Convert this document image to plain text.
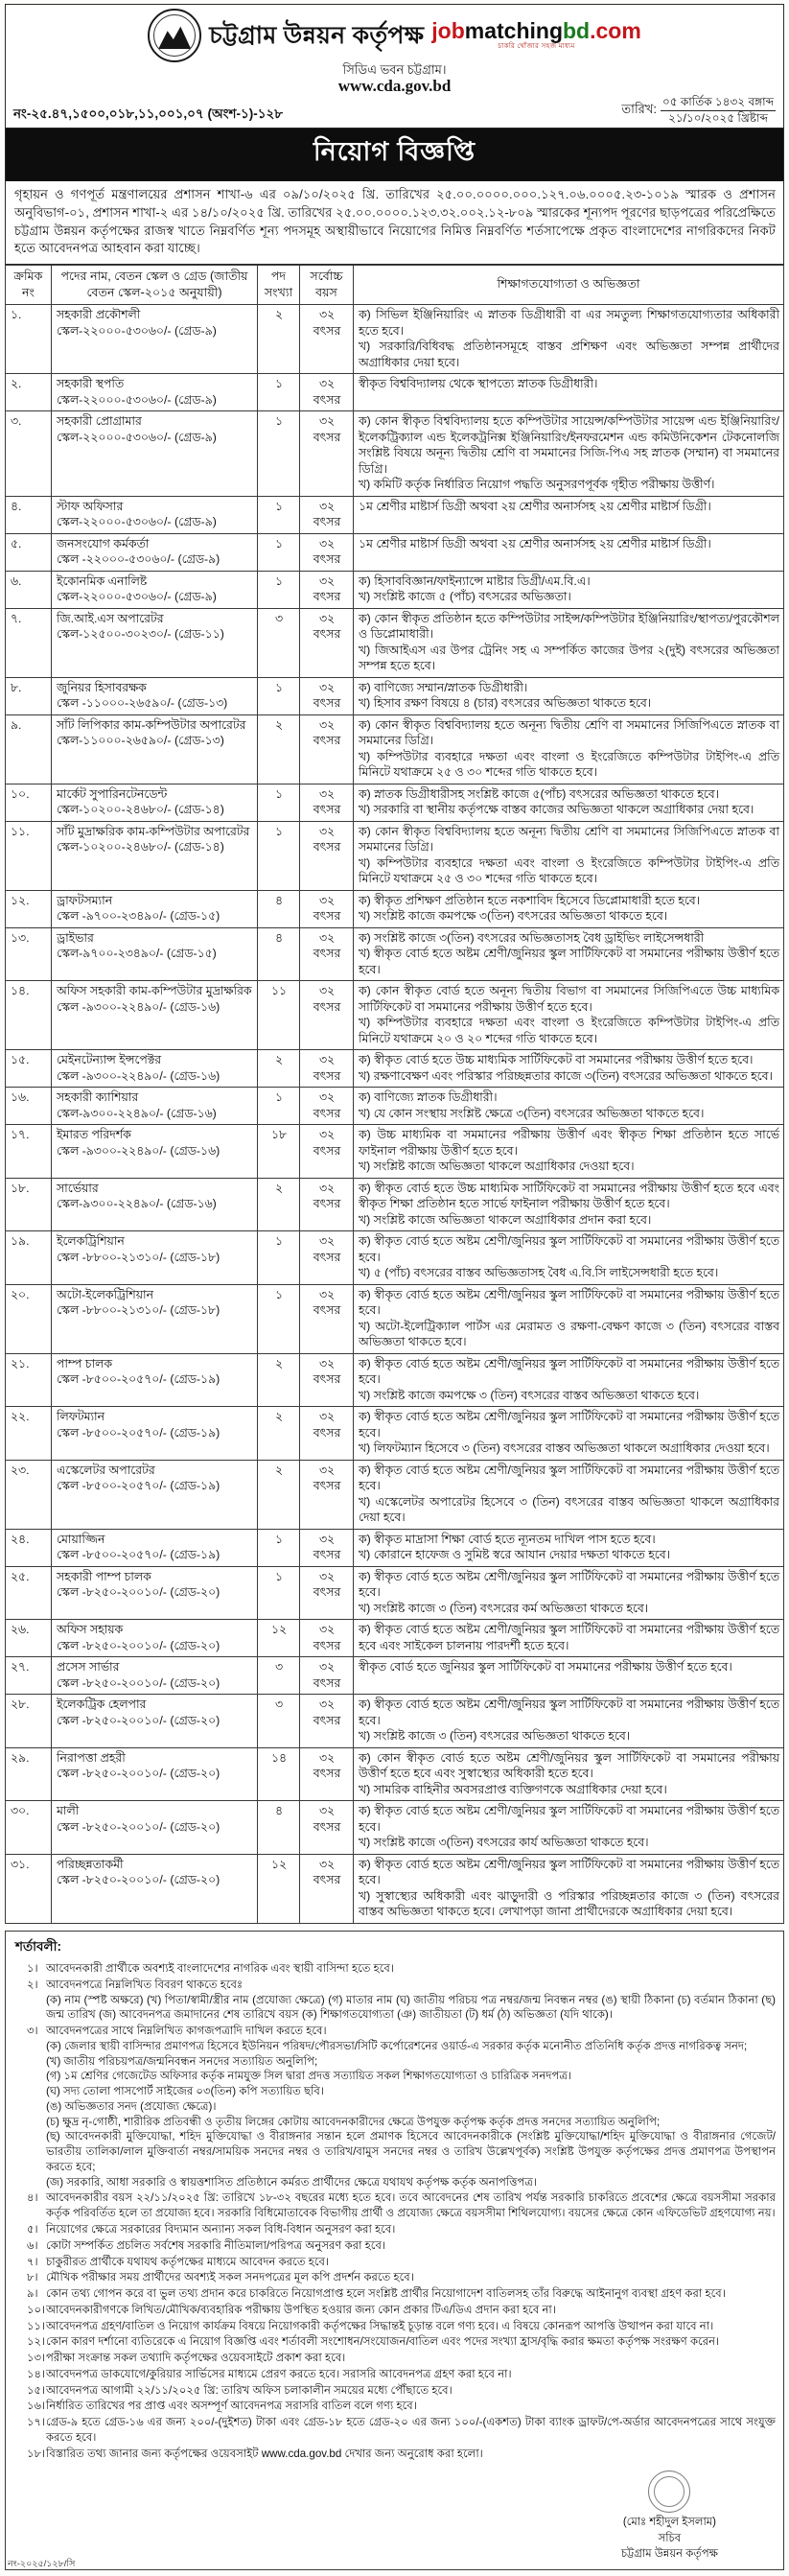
চট্টগ্রাম উন্নয়ন কর্তৃপক্ষ jobmatchingbd.com
চাকরি খোঁজার সহজ মাধ্যম
সিডিএ ভবন চট্টগ্রাম।
www.cda.gov.bd
নং-২৫.৪৭,১৫০০,০১৮,১১,০০১,০৭ (অংশ-১)-১২৮	তারিখ: ০৫ কার্তিক ১৪৩২ বঙ্গাব্দ
২১/১০/২০২৫ খ্রিষ্টাব্দ
নিয়োগ বিজ্ঞপ্তি
গৃহায়ন ও গণপূর্ত মন্ত্রণালয়ের প্রশাসন শাখা-৬ এর ০৯/১০/২০২৫ খ্রি. তারিখের ২৫.০০.০০০০.০০০.১২৭.০৬.০০০৫.২৩-১০১৯ স্মারক ও প্রশাসন অনুবিভাগ-০১, প্রশাসন শাখা-২ এর ১৪/১০/২০২৫ খ্রি. তারিখের ২৫.০০.০০০০.১২৩.৩২.০০২.১২-৮০৯ স্মারকের শূন্যপদ পূরণের ছাড়পত্রের পরিপ্রেক্ষিতে চট্টগ্রাম উন্নয়ন কর্তৃপক্ষের রাজস্ব খাতে নিম্নবর্ণিত শূন্য পদসমূহ অস্থায়ীভাবে নিয়োগের নিমিত্ত নিম্নবর্ণিত শর্তসাপেক্ষে প্রকৃত বাংলাদেশের নাগরিকদের নিকট হতে আবেদনপত্র আহবান করা যাচ্ছে।
ক্রমিক নং	পদের নাম, বেতন স্কেল ও গ্রেড (জাতীয় বেতন স্কেল-২০১৫ অনুযায়ী)	পদ সংখ্যা	সর্বোচ্চ বয়স	শিক্ষাগতযোগ্যতা ও অভিজ্ঞতা
১.	সহকারী প্রকৌশলী
স্কেল-২২০০০-৫৩০৬০/- (গ্রেড-৯)	২	৩২
বৎসর	ক) সিভিল ইঞ্জিনিয়ারিং এ স্নাতক ডিগ্রীধারী বা এর সমতুল্য শিক্ষাগতযোগ্যতার অধিকারী হতে হবে।
খ) সরকারি/বিধিবদ্ধ প্রতিষ্ঠানসমূহে বাস্তব প্রশিক্ষণ এবং অভিজ্ঞতা সম্পন্ন প্রার্থীদের অগ্রাধিকার দেয়া হবে।

২.	সহকারী স্থপতি
স্কেল-২২০০০-৫৩০৬০/- (গ্রেড-৯)	১	৩২
বৎসর	স্বীকৃত বিশ্ববিদ্যালয় থেকে স্থাপত্যে স্নাতক ডিগ্রীধারী।

৩.	সহকারী প্রোগ্রামার
স্কেল-২২০০০-৫৩০৬০/- (গ্রেড-৯)	১	৩২
বৎসর	ক) কোন স্বীকৃত বিশ্ববিদ্যালয় হতে কম্পিউটার সায়েন্স/কম্পিউটার সায়েন্স এন্ড ইঞ্জিনিয়ারিং/ইলেকট্রিক্যাল এন্ড ইলেকট্রনিক্স ইঞ্জিনিয়ারিং/ইনফরমেশন এন্ড কমিউনিকেশন টেকনোলজি সংশ্লিষ্ট বিষয়ে অনূন্য দ্বিতীয় শ্রেণি বা সমমানের সিজি-পিএ সহ স্নাতক (সম্মান) বা সমমানের ডিগ্রি।
খ) কমিটি কর্তৃক নির্ধারিত নিয়োগ পদ্ধতি অনুসরণপূর্বক গৃহীত পরীক্ষায় উত্তীর্ণ।

৪.	স্টাফ অফিসার
স্কেল-২২০০০-৫৩০৬০/- (গ্রেড-৯)	১	৩২
বৎসর	১ম শ্রেণীর মাষ্টার্স ডিগ্রী অথবা ২য় শ্রেণীর অনার্সসহ ২য় শ্রেণীর মাষ্টার্স ডিগ্রী।

৫.	জনসংযোগ কর্মকর্তা
স্কেল -২২০০০-৫৩০৬০/- (গ্রেড-৯)	১	৩২
বৎসর	১ম শ্রেণীর মাষ্টার্স ডিগ্রী অথবা ২য় শ্রেণীর অনার্সসহ ২য় শ্রেণীর মাষ্টার্স ডিগ্রী।

৬.	ইকোনমিক এনালিষ্ট
স্কেল-২২০০০-৫৩০৬০/- (গ্রেড-৯)	১	৩২
বৎসর	ক) হিসাববিজ্ঞান/ফাইন্যান্সে মাষ্টার ডিগ্রী/এম.বি.এ।
খ) সংশ্লিষ্ট কাজে ৫ (পাঁচ) বৎসরের অভিজ্ঞতা।

৭.	জি.আই.এস অপারেটর
স্কেল-১২৫০০-৩০২৩০/- (গ্রেড-১১)	৩	৩২
বৎসর	ক) কোন স্বীকৃত প্রতিষ্ঠান হতে কম্পিউটার সাইন্স/কম্পিউটার ইঞ্জিনিয়ারিং/স্থাপত্য/পুরকৌশল ও ডিপ্লোমাধারী।
খ) জিআইএস এর উপর ট্রেনিং সহ এ সম্পর্কিত কাজের উপর ২(দুই) বৎসরের অভিজ্ঞতা সম্পন্ন হতে হবে।

৮.	জুনিয়র হিসাবরক্ষক
স্কেল -১১০০০-২৬৫৯০/- (গ্রেড-১৩)	১	৩২
বৎসর	ক) বাণিজ্যে সম্মান/স্নাতক ডিগ্রীধারী।
খ) হিসাব রক্ষণ বিষয়ে ৪ (চার) বৎসরের অভিজ্ঞতা থাকতে হবে।

৯.	সাঁট লিপিকার কাম-কম্পিউটার অপারেটর
স্কেল-১১০০০-২৬৫৯০/- (গ্রেড-১৩)	২	৩২
বৎসর	ক) কোন স্বীকৃত বিশ্ববিদ্যালয় হতে অনূন্য দ্বিতীয় শ্রেণি বা সমমানের সিজিপিএতে স্নাতক বা সমমানের ডিগ্রি।
খ) কম্পিউটার ব্যবহারে দক্ষতা এবং বাংলা ও ইংরেজিতে কম্পিউটার টাইপিং-এ প্রতি মিনিটে যথাক্রমে ২৫ ও ৩০ শব্দের গতি থাকতে হবে।

১০.	মার্কেট সুপারিনটেনডেন্ট
স্কেল-১০২০০-২৪৬৮০/- (গ্রেড-১৪)	১	৩২
বৎসর	ক) স্নাতক ডিগ্রীধারীসহ সংশ্লিষ্ট কাজে ৫(পাঁচ) বৎসরের অভিজ্ঞতা থাকতে হবে।
খ) সরকারি বা স্থানীয় কর্তৃপক্ষে বাস্তব কাজের অভিজ্ঞতা থাকলে অগ্রাধিকার দেয়া হবে।

১১.	সাঁট মুদ্রাক্ষরিক কাম-কম্পিউটার অপারেটর
স্কেল-১০২০০-২৪৬৮০/- (গ্রেড-১৪)	১	৩২
বৎসর	ক) কোন স্বীকৃত বিশ্ববিদ্যালয় হতে অনূন্য দ্বিতীয় শ্রেণি বা সমমানের সিজিপিএতে স্নাতক বা সমমানের ডিগ্রি।
খ) কম্পিউটার ব্যবহারে দক্ষতা এবং বাংলা ও ইংরেজিতে কম্পিউটার টাইপিং-এ প্রতি মিনিটে যথাক্রমে ২৫ ও ৩০ শব্দের গতি থাকতে হবে।

১২.	ড্রাফটসম্যান
স্কেল -৯৭০০-২৩৪৯০/- (গ্রেড-১৫)	৪	৩২
বৎসর	ক) স্বীকৃত প্রশিক্ষণ প্রতিষ্ঠান হতে নকশাবিদ হিসেবে ডিপ্লোমাধারী হতে হবে।
খ) সংশ্লিষ্ট কাজে কমপক্ষে ৩(তিন) বৎসরের অভিজ্ঞতা থাকতে হবে।

১৩.	ড্রাইভার
স্কেল-৯৭০০-২৩৪৯০/- (গ্রেড-১৫)	৪	৩২
বৎসর	ক) সংশ্লিষ্ট কাজে ৩(তিন) বৎসরের অভিজ্ঞতাসহ বৈধ ড্রাইভিং লাইসেন্সধারী
খ) স্বীকৃত বোর্ড হতে অষ্টম শ্রেণী/জুনিয়র স্কুল সার্টিফিকেট বা সমমানের পরীক্ষায় উত্তীর্ণ হতে হবে।

১৪.	অফিস সহকারী কাম-কম্পিউটার মুদ্রাক্ষরিক
স্কেল -৯৩০০-২২৪৯০/- (গ্রেড-১৬)	১১	৩২
বৎসর	ক) কোন স্বীকৃত বোর্ড হতে অনূন্য দ্বিতীয় বিভাগ বা সমমানের সিজিপিএতে উচ্চ মাধ্যমিক সার্টিফিকেট বা সমমানের পরীক্ষায় উত্তীর্ণ হতে হবে।
খ) কম্পিউটার ব্যবহারে দক্ষতা এবং বাংলা ও ইংরেজিতে কম্পিউটার টাইপিং-এ প্রতি মিনিটে যথাক্রমে ২০ ও ২০ শব্দের গতি থাকতে হবে।

১৫.	মেইনটেন্যান্স ইন্সপেক্টর
স্কেল -৯৩০০-২২৪৯০/- (গ্রেড-১৬)	২	৩২
বৎসর	ক) স্বীকৃত বোর্ড হতে উচ্চ মাধ্যমিক সার্টিফিকেট বা সমমানের পরীক্ষায় উত্তীর্ণ হতে হবে।
খ) রক্ষণাবেক্ষণ এবং পরিস্কার পরিচ্ছন্নতার কাজে ৩(তিন) বৎসরের অভিজ্ঞতা থাকতে হবে।

১৬.	সহকারী ক্যাশিয়ার
স্কেল-৯৩০০-২২৪৯০/- (গ্রেড-১৬)	১	৩২
বৎসর	ক) বাণিজ্যে স্নাতক ডিগ্রীধারী।
খ) যে কোন সংস্থায় সংশ্লিষ্ট ক্ষেত্রে ৩(তিন) বৎসরের অভিজ্ঞতা থাকতে হবে।

১৭.	ইমারত পরিদর্শক
স্কেল -৯৩০০-২২৪৯০/- (গ্রেড-১৬)	১৮	৩২
বৎসর	ক) উচ্চ মাধ্যমিক বা সমমানের পরীক্ষায় উত্তীর্ণ এবং স্বীকৃত শিক্ষা প্রতিষ্ঠান হতে সার্ভে ফাইনাল পরীক্ষায় উত্তীর্ণ হতে হবে।
খ) সংশ্লিষ্ট কাজে অভিজ্ঞতা থাকলে অগ্রাধিকার দেওয়া হবে।

১৮.	সার্ভেয়ার
স্কেল-৯৩০০-২২৪৯০/- (গ্রেড-১৬)	২	৩২
বৎসর	ক) স্বীকৃত বোর্ড হতে উচ্চ মাধ্যমিক সার্টিফিকেট বা সমমানের পরীক্ষায় উত্তীর্ণ হতে হবে এবং স্বীকৃত শিক্ষা প্রতিষ্ঠান হতে সার্ভে ফাইনাল পরীক্ষায় উত্তীর্ণ হতে হবে।
খ) সংশ্লিষ্ট কাজে অভিজ্ঞতা থাকলে অগ্রাধিকার প্রদান করা হবে।

১৯.	ইলেকট্রিশিয়ান
স্কেল -৮৮০০-২১৩১০/- (গ্রেড-১৮)	১	৩২
বৎসর	ক) স্বীকৃত বোর্ড হতে অষ্টম শ্রেণী/জুনিয়র স্কুল সার্টিফিকেট বা সমমানের পরীক্ষায় উত্তীর্ণ হতে হবে।
খ) ৫ (পাঁচ) বৎসরের বাস্তব অভিজ্ঞতাসহ বৈধ এ.বি.সি লাইসেন্সধারী হতে হবে।

২০.	অটো-ইলেকট্রিশিয়ান
স্কেল -৮৮০০-২১৩১০/- (গ্রেড-১৮)	১	৩২
বৎসর	ক) স্বীকৃত বোর্ড হতে অষ্টম শ্রেণী/জুনিয়র স্কুল সার্টিফিকেট বা সমমানের পরীক্ষায় উত্তীর্ণ হতে হবে।
খ) অটো-ইলেট্রিক্যাল পার্টস এর মেরামত ও রক্ষণা-বেক্ষণ কাজে ৩ (তিন) বৎসরের বাস্তব অভিজ্ঞতা থাকতে হবে।

২১.	পাম্প চালক
স্কেল -৮৫০০-২০৫৭০/- (গ্রেড-১৯)	২	৩২
বৎসর	ক) স্বীকৃত বোর্ড হতে অষ্টম শ্রেণী/জুনিয়র স্কুল সার্টিফিকেট বা সমমানের পরীক্ষায় উত্তীর্ণ হতে হবে।
খ) সংশ্লিষ্ট কাজে কমপক্ষে ৩ (তিন) বৎসরের বাস্তব অভিজ্ঞতা থাকতে হবে।

২২.	লিফটম্যান
স্কেল -৮৫০০-২০৫৭০/- (গ্রেড-১৯)	২	৩২
বৎসর	ক) স্বীকৃত বোর্ড হতে অষ্টম শ্রেণী/জুনিয়র স্কুল সার্টিফিকেট বা সমমানের পরীক্ষায় উত্তীর্ণ হতে হবে।
খ) লিফটম্যান হিসেবে ৩ (তিন) বৎসরের বাস্তব অভিজ্ঞতা থাকলে অগ্রাধিকার দেওয়া হবে।

২৩.	এস্কেলেটর অপারেটর
স্কেল -৮৫০০-২০৫৭০/- (গ্রেড-১৯)	২	৩২
বৎসর	ক) স্বীকৃত বোর্ড হতে অষ্টম শ্রেণী/জুনিয়র স্কুল সার্টিফিকেট বা সমমানের পরীক্ষায় উত্তীর্ণ হতে হবে।
খ) এস্কেলেটর অপারেটর হিসেবে ৩ (তিন) বৎসরের বাস্তব অভিজ্ঞতা থাকলে অগ্রাধিকার দেয়া হবে।

২৪.	মোয়াজ্জিন
স্কেল -৮৫০০-২০৫৭০/- (গ্রেড-১৯)	১	৩২
বৎসর	ক) স্বীকৃত মাদ্রাসা শিক্ষা বোর্ড হতে ন্যূনতম দাখিল পাস হতে হবে।
খ) কোরানে হাফেজ ও সুমিষ্ট স্বরে আযান দেয়ার দক্ষতা থাকতে হবে।

২৫.	সহকারী পাম্প চালক
স্কেল -৮২৫০-২০০১০/- (গ্রেড-২০)	১	৩২
বৎসর	ক) স্বীকৃত বোর্ড হতে অষ্টম শ্রেণী/জুনিয়র স্কুল সার্টিফিকেট বা সমমানের পরীক্ষায় উত্তীর্ণ হতে হবে।
খ) সংশ্লিষ্ট কাজে ৩ (তিন) বৎসরের কর্ম অভিজ্ঞতা থাকতে হবে।

২৬.	অফিস সহায়ক
স্কেল -৮২৫০-২০০১০/- (গ্রেড-২০)	১২	৩২
বৎসর	ক) স্বীকৃত বোর্ড হতে অষ্টম শ্রেণী/জুনিয়র স্কুল সার্টিফিকেট বা সমমানের পরীক্ষায় উত্তীর্ণ হতে হবে এবং সাইকেল চালনায় পারদর্শী হতে হবে।

২৭.	প্রসেস সার্ভার
স্কেল -৮২৫০-২০০১০/- (গ্রেড-২০)	৩	৩২
বৎসর	স্বীকৃত বোর্ড হতে জুনিয়র স্কুল সার্টিফিকেট বা সমমানের পরীক্ষায় উত্তীর্ণ হতে হবে।

২৮.	ইলেকট্রিক হেলপার
স্কেল -৮২৫০-২০০১০/- (গ্রেড-২০)	৩	৩২
বৎসর	ক) স্বীকৃত বোর্ড হতে অষ্টম শ্রেণী/জুনিয়র স্কুল সার্টিফিকেট বা সমমানের পরীক্ষায় উত্তীর্ণ হতে হবে।
খ) সংশ্লিষ্ট কাজে ৩ (তিন) বৎসরের অভিজ্ঞতা থাকতে হবে।

২৯.	নিরাপত্তা প্রহরী
স্কেল -৮২৫০-২০০১০/- (গ্রেড-২০)	১৪	৩২
বৎসর	ক) কোন স্বীকৃত বোর্ড হতে অষ্টম শ্রেণী/জুনিয়র স্কুল সার্টিফিকেট বা সমমানের পরীক্ষায় উত্তীর্ণ হতে হবে এবং সুস্বাস্থ্যের অধিকারী হতে হবে।
খ) সামরিক বাহিনীর অবসরপ্রাপ্ত ব্যক্তিগণকে অগ্রাধিকার দেয়া হবে।

৩০.	মালী
স্কেল -৮২৫০-২০০১০/- (গ্রেড-২০)	৪	৩২
বৎসর	ক) স্বীকৃত বোর্ড হতে অষ্টম শ্রেণী/জুনিয়র স্কুল সার্টিফিকেট বা সমমানের পরীক্ষায় উত্তীর্ণ হতে হবে।
খ) সংশ্লিষ্ট কাজে ৩(তিন) বৎসরের কার্য অভিজ্ঞতা থাকতে হবে।

৩১.	পরিচ্ছন্নতাকর্মী
স্কেল -৮২৫০-২০০১০/- (গ্রেড-২০)	১২	৩২
বৎসর	ক) স্বীকৃত বোর্ড হতে অষ্টম শ্রেণী/জুনিয়র স্কুল সার্টিফিকেট বা সমমানের পরীক্ষায় উত্তীর্ণ হতে হবে।
খ) সুস্বাস্থ্যের অধিকারী এবং ঝাড়ুদারী ও পরিস্কার পরিচ্ছন্নতার কাজে ৩ (তিন) বৎসরের বাস্তব অভিজ্ঞতা থাকতে হবে। লেখাপড়া জানা প্রার্থীদেরকে অগ্রাধিকার দেয়া হবে।
শর্তাবলী:
১। আবেদনকারী প্রার্থীকে অবশ্যই বাংলাদেশের নাগরিক এবং স্থায়ী বাসিন্দা হতে হবে।
২। আবেদনপত্রে নিম্নলিখিত বিবরণ থাকতে হবেঃ
(ক) নাম (স্পষ্ট অক্ষরে) (খ) পিতা/স্বামী/স্ত্রীর নাম (প্রযোজ্য ক্ষেত্রে) (গ) মাতার নাম (ঘ) জাতীয় পরিচয় পত্র নম্বর/জন্ম নিবন্ধন নম্বর (ঙ) স্থায়ী ঠিকানা (চ) বর্তমান ঠিকানা (ছ) জন্ম তারিখ (জ) আবেদনপত্র জমাদানের শেষ তারিখে বয়স (ক) শিক্ষাগতযোগ্যতা (ঞ) জাতীয়তা (ট) ধর্ম (ঠ) অভিজ্ঞতা (যদি থাকে)।
৩। আবেদনপত্রের সাথে নিম্নলিখিত কাগজপত্রাদি দাখিল করতে হবে।
(ক) জেলার স্থায়ী বাসিন্দার প্রমাণপত্র হিসেবে ইউনিয়ন পরিষদ/পৌরসভা/সিটি কর্পোরেশনের ওয়ার্ড-এ সরকার কর্তৃক মনোনীত প্রতিনিধি কর্তৃক প্রদত্ত নাগরিকত্ব সনদ;
(খ) জাতীয় পরিচয়পত্র/জন্মনিবন্ধন সনদের সত্যায়িত অনুলিপি;
(গ) ১ম শ্রেণির গেজেটেড অফিসার কর্তৃক নামযুক্ত সিল দ্বারা প্রদত্ত সত্যায়িত সকল শিক্ষাগতযোগ্যতা ও চারিত্রিক সনদপত্র।
(ঘ) সদ্য তোলা পাসপোর্ট সাইজের ০৩(তিন) কপি সত্যায়িত ছবি।
(ঙ) অভিজ্ঞতার সনদ (প্রযোজ্য ক্ষেত্রে)।
(চ) ক্ষুদ্র নৃ-গোষ্ঠী, শারীরিক প্রতিবন্ধী ও তৃতীয় লিঙ্গের কোটায় আবেদনকারীদের ক্ষেত্রে উপযুক্ত কর্তৃপক্ষ কর্তৃক প্রদত্ত সনদের সত্যায়িত অনুলিপি;
(ছ) আবেদনকারী মুক্তিযোদ্ধা, শহিদ মুক্তিযোদ্ধা ও বীরাঙ্গনার সন্তান হলে প্রমাণক হিসেবে আবেদনকারীকে (সংশ্লিষ্ট মুক্তিযোদ্ধা/শহিদ মুক্তিযোদ্ধা ও বীরাঙ্গনার গেজেট/ভারতীয় তালিকা/লাল মুক্তিবার্তা নম্বর/সাময়িক সনদের নম্বর ও তারিখ/বামুস সনদের নম্বর ও তারিখ উল্লেখপূর্বক) সংশ্লিষ্ট উপযুক্ত কর্তৃপক্ষের প্রদত্ত প্রমাণপত্র উপস্থাপন করতে হবে;
(জ) সরকারি, আধা সরকারি ও স্বায়ত্তশাসিত প্রতিষ্ঠানে কর্মরত প্রার্থীদের ক্ষেত্রে যথাযথ কর্তৃপক্ষ কর্তৃক অনাপত্তিপত্র।
৪। আবেদনকারীর বয়স ২২/১১/২০২৫ খ্রি: তারিখে ১৮-৩২ বছরের মধ্যে হতে হবে। তবে আবেদনের শেষ তারিখ পর্যন্ত সরকারি চাকরিতে প্রবেশের ক্ষেত্রে বয়সসীমা সরকার কর্তৃক পরিবর্তিত হলে তা প্রযোজ্য হবে। সরকারি বিধিমোতাবেক বিভাগীয় প্রার্থী ও প্রযোজ্য ক্ষেত্রে বয়সসীমা শিথিলযোগ্য। বয়সের ক্ষেত্রে কোন এফিডেভিট গ্রহণযোগ্য নয়।
৫। নিয়োগের ক্ষেত্রে সরকারের বিদ্যমান অন্যান্য সকল বিধি-বিধান অনুসরণ করা হবে।
৬। কোটা সম্পর্কিত প্রচলিত সর্বশেষ সরকারি নীতিমালা/পরিপত্র অনুসরণ করা হবে।
৭। চাকুরীরত প্রার্থীকে যথাযথ কর্তৃপক্ষের মাধ্যমে আবেদন করতে হবে।
৮। মৌখিক পরীক্ষার সময় প্রার্থীদের অবশ্যই সকল সনদপত্রের মূল কপি প্রদর্শন করতে হবে।
৯। কোন তথ্য গোপন করে বা ভুল তথ্য প্রদান করে চাকরিতে নিয়োগপ্রাপ্ত হলে সংশ্লিষ্ট প্রার্থীর নিয়োগাদেশ বাতিলসহ তাঁর বিরুদ্ধে আইনানুগ ব্যবস্থা গ্রহণ করা হবে।
১০। আবেদনকারীগণকে লিখিত/মৌখিক/ব্যবহারিক পরীক্ষায় উপস্থিত হওয়ার জন্য কোন প্রকার টিএ/ডিএ প্রদান করা হবে না।
১১। আবেদনপত্র গ্রহণ/বাতিল ও নিয়োগ কার্যক্রম বিষয়ে নিয়োগকারী কর্তৃপক্ষের সিদ্ধান্তই চূড়ান্ত বলে গণ্য হবে। এ বিষয়ে কোনরূপ আপত্তি উত্থাপন করা যাবে না।
১২। কোন কারণ দর্শানো ব্যতিরেকে এ নিয়োগ বিজ্ঞপ্তি এবং শর্তাবলী সংশোধন/সংযোজন/বাতিল এবং পদের সংখ্যা হ্রাস/বৃদ্ধি করার ক্ষমতা কর্তৃপক্ষ সংরক্ষণ করেন।
১৩। পরীক্ষা সংক্রান্ত সকল তথ্যাদি কর্তৃপক্ষের ওয়েবসাইটে প্রকাশ করা হবে।
১৪। আবেদনপত্র ডাকযোগে/কুরিয়ার সার্ভিসের মাধ্যমে প্রেরণ করতে হবে। সরাসরি আবেদনপত্র গ্রহণ করা হবে না।
১৫। আবেদনপত্র আগামী ২২/১১/২০২৫ খ্রি: তারিখ অফিস চলাকালীন সময়ের মধ্যে পৌঁছাতে হবে।
১৬। নির্ধারিত তারিখের পর প্রাপ্ত এবং অসম্পূর্ণ আবেদনপত্র সরাসরি বাতিল বলে গণ্য হবে।
১৭। গ্রেড-৯ হতে গ্রেড-১৬ এর জন্য ২০০/-(দুইশত) টাকা এবং গ্রেড-১৮ হতে গ্রেড-২০ এর জন্য ১০০/-(একশত) টাকা ব্যাংক ড্রাফট/পে-অর্ডার আবেদনপত্রের সাথে সংযুক্ত করতে হবে।
১৮। বিস্তারিত তথ্য জানার জন্য কর্তৃপক্ষের ওয়েবসাইট www.cda.gov.bd দেখার জন্য অনুরোধ করা হলো।
(মোঃ শহীদুল ইসলাম)
সচিব
চট্টগ্রাম উন্নয়ন কর্তৃপক্ষ
নং-২০২৫/১২৮/সি
